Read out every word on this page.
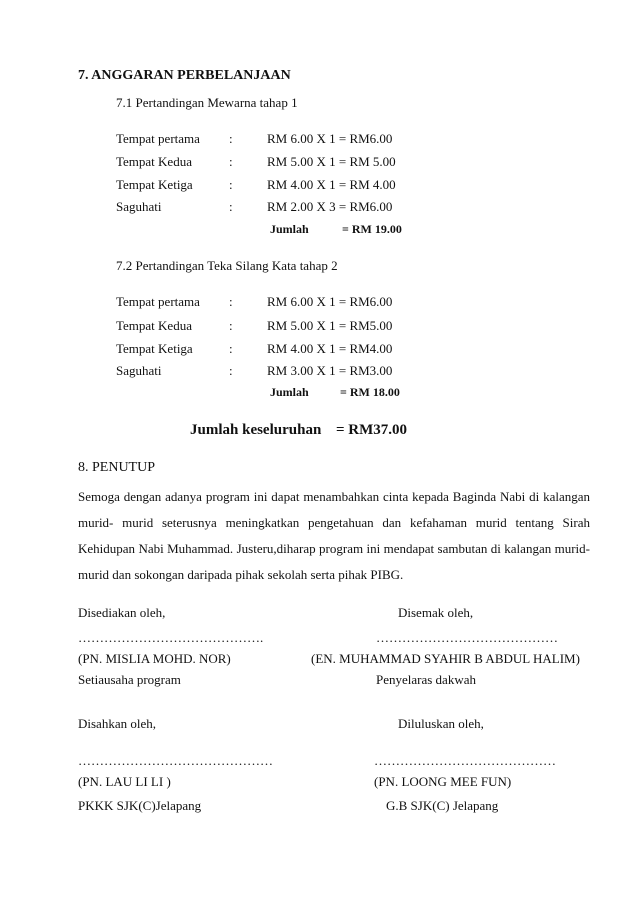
7. ANGGARAN PERBELANJAAN
7.1 Pertandingan Mewarna tahap 1
Tempat pertama :	RM 6.00 X 1 = RM6.00
Tempat Kedua	:	RM 5.00 X 1 = RM 5.00
Tempat Ketiga	:	RM 4.00 X 1 = RM 4.00
Saguhati	:	RM 2.00 X 3 = RM6.00
Jumlah	= RM 19.00
7.2 Pertandingan Teka Silang Kata tahap 2
Tempat pertama :	RM 6.00 X 1 = RM6.00
Tempat Kedua	:	RM 5.00 X 1 = RM5.00
Tempat Ketiga	:	RM 4.00 X 1 = RM4.00
Saguhati	:	RM 3.00 X 1 = RM3.00
Jumlah	= RM 18.00
Jumlah keseluruhan = RM37.00
8. PENUTUP
Semoga dengan adanya program ini dapat menambahkan cinta kepada Baginda Nabi di kalangan
murid- murid seterusnya meningkatkan pengetahuan dan kefahaman murid tentang Sirah
Kehidupan Nabi Muhammad. Justeru,diharap program ini mendapat sambutan di kalangan murid-
murid dan sokongan daripada pihak sekolah serta pihak PIBG.
Disediakan oleh,
…………………………………….
(PN. MISLIA MOHD. NOR)
Setiausaha program
Disemak oleh,
……………………………………
(EN. MUHAMMAD SYAHIR B ABDUL HALIM)
Penyelaras dakwah
Disahkan oleh,
………………………………………
(PN. LAU LI LI )
PKKK SJK(C)Jelapang
Diluluskan oleh,
……………………………………
(PN. LOONG MEE FUN)
G.B SJK(C) Jelapang
